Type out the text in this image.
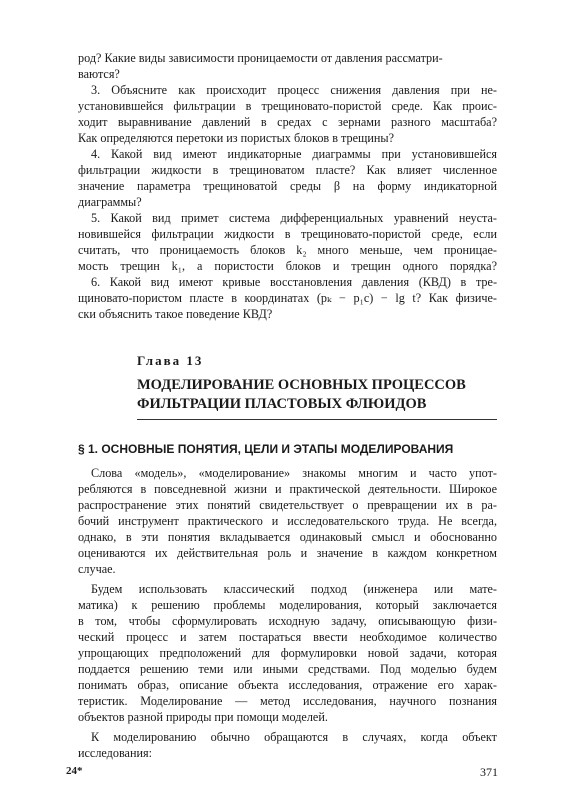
род? Какие виды зависимости проницаемости от давления рассматри-
ваются?
3. Объясните как происходит процесс снижения давления при не-
установившейся фильтрации в трещиновато-пористой среде. Как проис-
ходит выравнивание давлений в средах с зернами разного масштаба?
Как определяются перетоки из пористых блоков в трещины?
4. Какой вид имеют индикаторные диаграммы при установившейся
фильтрации жидкости в трещиноватом пласте? Как влияет численное
значение параметра трещиноватой среды β на форму индикаторной
диаграммы?
5. Какой вид примет система дифференциальных уравнений неуста-
новившейся фильтрации жидкости в трещиновато-пористой среде, если
считать, что проницаемость блоков k₂ много меньше, чем проницае-
мость трещин k₁, а пористости блоков и трещин одного порядка?
6. Какой вид имеют кривые восстановления давления (КВД) в тре-
щиновато-пористом пласте в координатах (pₖ − p₁c) − lg t? Как физиче-
ски объяснить такое поведение КВД?
Глава 13
МОДЕЛИРОВАНИЕ ОСНОВНЫХ ПРОЦЕССОВ
ФИЛЬТРАЦИИ ПЛАСТОВЫХ ФЛЮИДОВ
§ 1. ОСНОВНЫЕ ПОНЯТИЯ, ЦЕЛИ И ЭТАПЫ МОДЕЛИРОВАНИЯ
Слова «модель», «моделирование» знакомы многим и часто упот-
ребляются в повседневной жизни и практической деятельности. Широкое
распространение этих понятий свидетельствует о превращении их в ра-
бочий инструмент практического и исследовательского труда. Не всегда,
однако, в эти понятия вкладывается одинаковый смысл и обоснованно
оцениваются их действительная роль и значение в каждом конкретном
случае.
Будем использовать классический подход (инженера или мате-
матика) к решению проблемы моделирования, который заключается
в том, чтобы сформулировать исходную задачу, описывающую физи-
ческий процесс и затем постараться ввести необходимое количество
упрощающих предположений для формулировки новой задачи, которая
поддается решению теми или иными средствами. Под моделью будем
понимать образ, описание объекта исследования, отражение его харак-
теристик. Моделирование — метод исследования, научного познания
объектов разной природы при помощи моделей.
К моделированию обычно обращаются в случаях, когда объект
исследования:
24*	371
